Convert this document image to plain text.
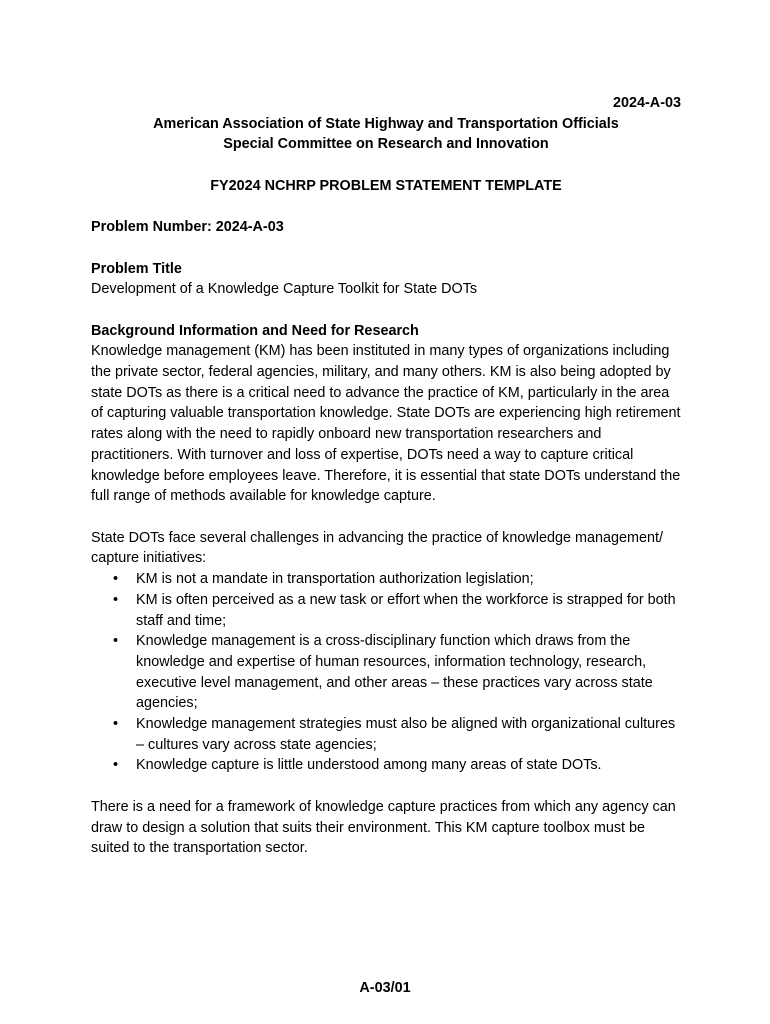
2024-A-03

American Association of State Highway and Transportation Officials

Special Committee on Research and Innovation

FY2024 NCHRP PROBLEM STATEMENT TEMPLATE

Problem Number: 2024-A-03

Problem Title

Development of a Knowledge Capture Toolkit for State DOTs

Background Information and Need for Research

Knowledge management (KM) has been instituted in many types of organizations including the private sector, federal agencies, military, and many others. KM is also being adopted by state DOTs as there is a critical need to advance the practice of KM, particularly in the area of capturing valuable transportation knowledge. State DOTs are experiencing high retirement rates along with the need to rapidly onboard new transportation researchers and practitioners. With turnover and loss of expertise, DOTs need a way to capture critical knowledge before employees leave. Therefore, it is essential that state DOTs understand the full range of methods available for knowledge capture.

State DOTs face several challenges in advancing the practice of knowledge management/ capture initiatives:

• KM is not a mandate in transportation authorization legislation;
• KM is often perceived as a new task or effort when the workforce is strapped for both staff and time;
• Knowledge management is a cross-disciplinary function which draws from the knowledge and expertise of human resources, information technology, research, executive level management, and other areas – these practices vary across state agencies;
• Knowledge management strategies must also be aligned with organizational cultures – cultures vary across state agencies;
• Knowledge capture is little understood among many areas of state DOTs.

There is a need for a framework of knowledge capture practices from which any agency can draw to design a solution that suits their environment. This KM capture toolbox must be suited to the transportation sector.

A-03/01
